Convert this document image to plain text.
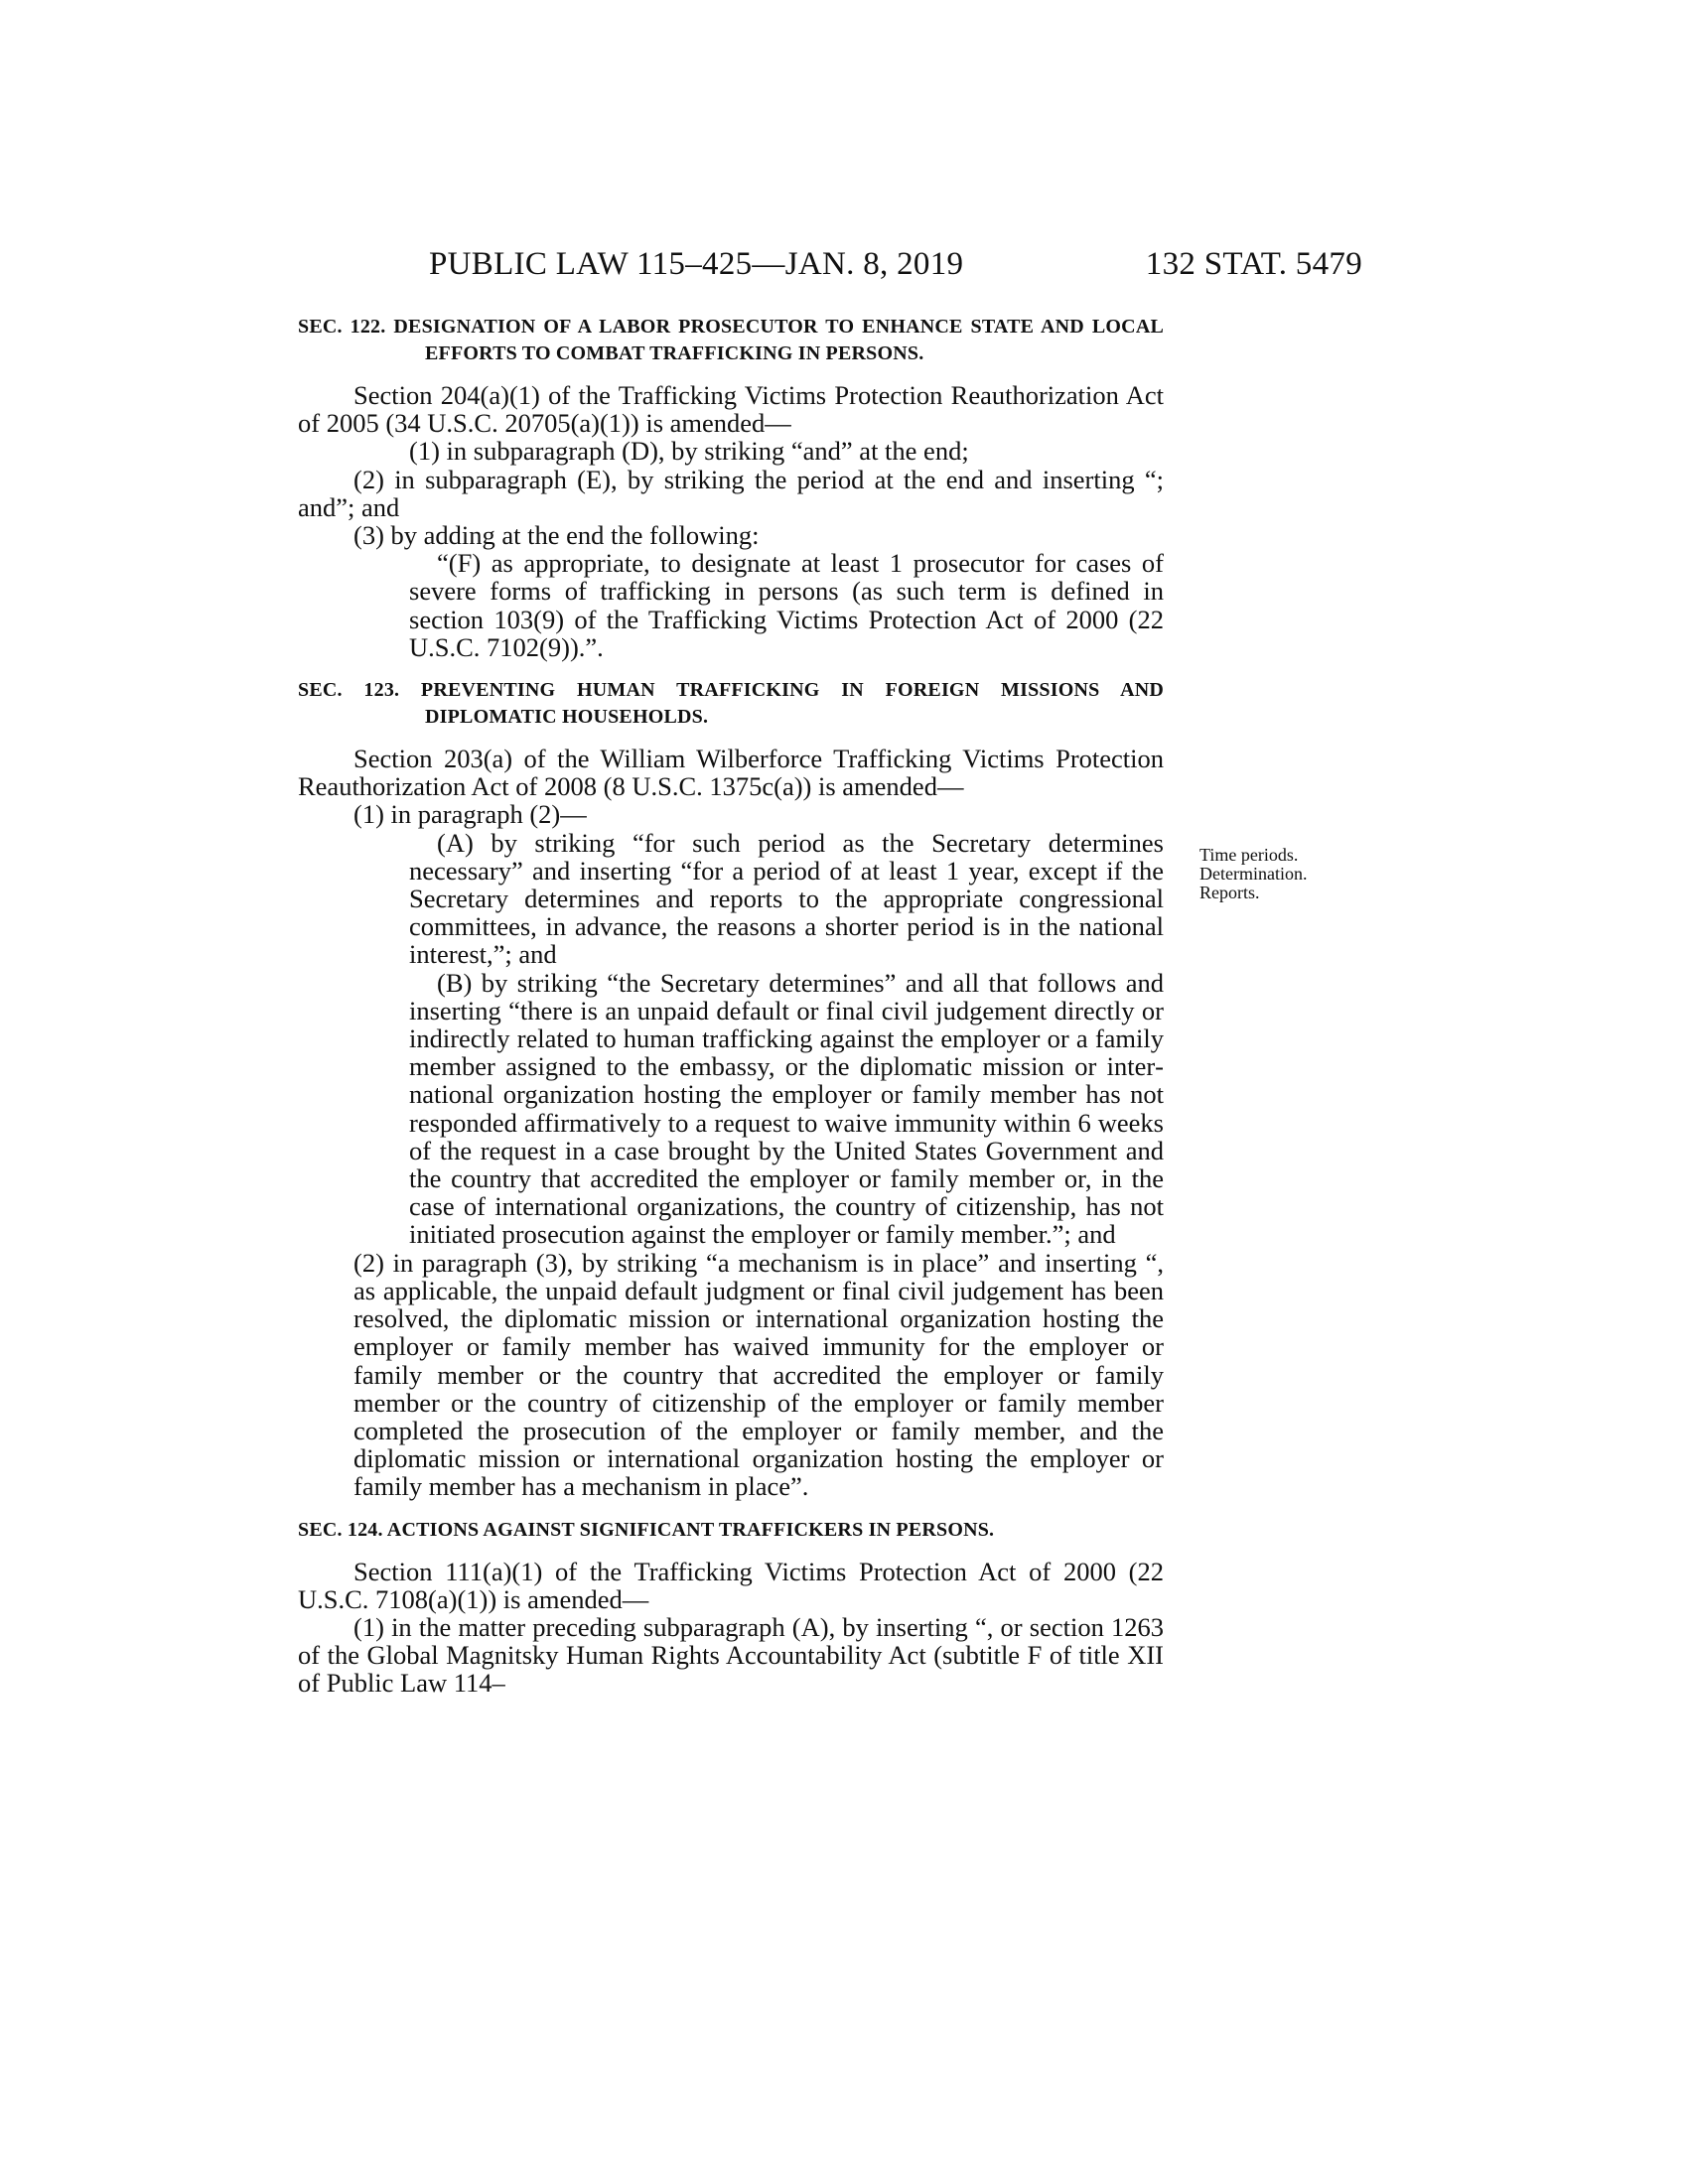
PUBLIC LAW 115–425—JAN. 8, 2019	132 STAT. 5479

SEC. 122. DESIGNATION OF A LABOR PROSECUTOR TO ENHANCE STATE AND LOCAL EFFORTS TO COMBAT TRAFFICKING IN PERSONS.

Section 204(a)(1) of the Trafficking Victims Protection Reauthorization Act of 2005 (34 U.S.C. 20705(a)(1)) is amended—

(1) in subparagraph (D), by striking “and” at the end;

(2) in subparagraph (E), by striking the period at the end and inserting “; and”; and

(3) by adding at the end the following:

“(F) as appropriate, to designate at least 1 prosecutor for cases of severe forms of trafficking in persons (as such term is defined in section 103(9) of the Trafficking Victims Protection Act of 2000 (22 U.S.C. 7102(9)).”.

SEC. 123. PREVENTING HUMAN TRAFFICKING IN FOREIGN MISSIONS AND DIPLOMATIC HOUSEHOLDS.

Section 203(a) of the William Wilberforce Trafficking Victims Protection Reauthorization Act of 2008 (8 U.S.C. 1375c(a)) is amended—

(1) in paragraph (2)—

(A) by striking “for such period as the Secretary determines necessary” and inserting “for a period of at least 1 year, except if the Secretary determines and reports to the appropriate congressional committees, in advance, the reasons a shorter period is in the national interest,”; and

(B) by striking “the Secretary determines” and all that follows and inserting “there is an unpaid default or final civil judgement directly or indirectly related to human trafficking against the employer or a family member assigned to the embassy, or the diplomatic mission or international organization hosting the employer or family member has not responded affirmatively to a request to waive immunity within 6 weeks of the request in a case brought by the United States Government and the country that accredited the employer or family member or, in the case of international organizations, the country of citizenship, has not initiated prosecution against the employer or family member.”; and

(2) in paragraph (3), by striking “a mechanism is in place” and inserting “, as applicable, the unpaid default judgment or final civil judgement has been resolved, the diplomatic mission or international organization hosting the employer or family member has waived immunity for the employer or family member or the country that accredited the employer or family member or the country of citizenship of the employer or family member completed the prosecution of the employer or family member, and the diplomatic mission or international organization hosting the employer or family member has a mechanism in place”.

SEC. 124. ACTIONS AGAINST SIGNIFICANT TRAFFICKERS IN PERSONS.

Section 111(a)(1) of the Trafficking Victims Protection Act of 2000 (22 U.S.C. 7108(a)(1)) is amended—

(1) in the matter preceding subparagraph (A), by inserting “, or section 1263 of the Global Magnitsky Human Rights Accountability Act (subtitle F of title XII of Public Law 114–

Time periods.
Determination.
Reports.
